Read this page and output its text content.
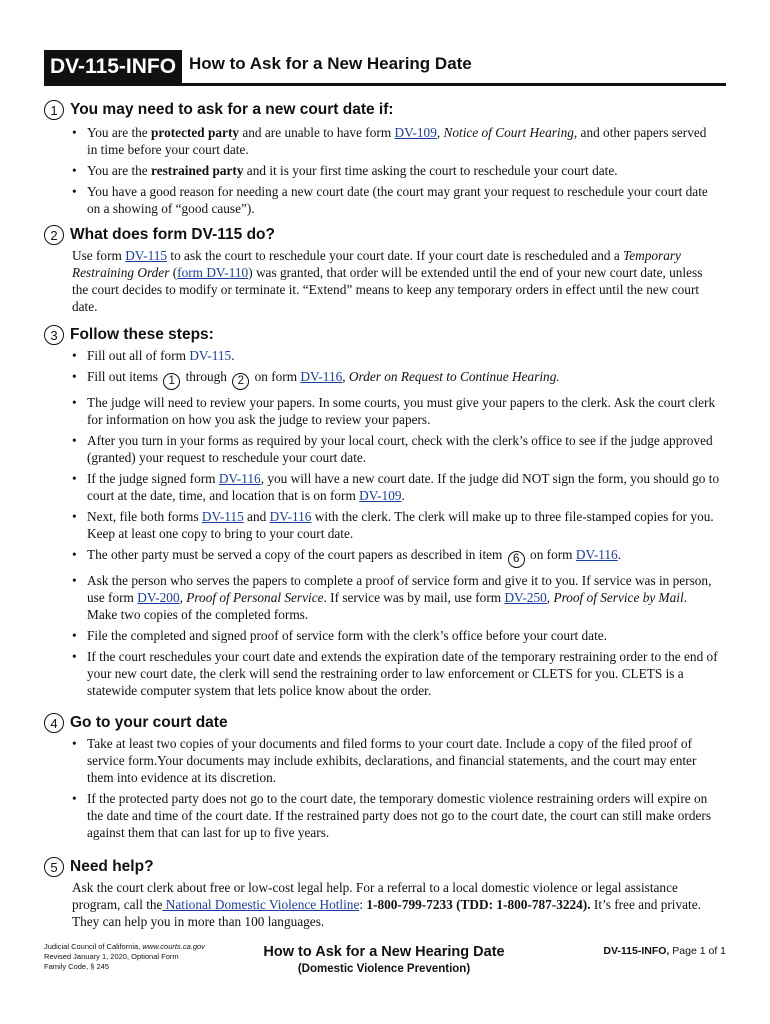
DV-115-INFO How to Ask for a New Hearing Date
1 You may need to ask for a new court date if:
• You are the protected party and are unable to have form DV-109, Notice of Court Hearing, and other papers served in time before your court date.
• You are the restrained party and it is your first time asking the court to reschedule your court date.
• You have a good reason for needing a new court date (the court may grant your request to reschedule your court date on a showing of “good cause”).
2 What does form DV-115 do?

Use form DV-115 to ask the court to reschedule your court date. If your court date is rescheduled and a Temporary Restraining Order (form DV-110) was granted, that order will be extended until the end of your new court date, unless the court decides to modify or terminate it. “Extend” means to keep any temporary orders in effect until the new court date.

3 Follow these steps:
• Fill out all of form DV-115.
• Fill out items 1 through 2 on form DV-116, Order on Request to Continue Hearing.
• The judge will need to review your papers. In some courts, you must give your papers to the clerk. Ask the court clerk for information on how you ask the judge to review your papers.
• After you turn in your forms as required by your local court, check with the clerk’s office to see if the judge approved (granted) your request to reschedule your court date.
• If the judge signed form DV-116, you will have a new court date. If the judge did NOT sign the form, you should go to court at the date, time, and location that is on form DV-109.
• Next, file both forms DV-115 and DV-116 with the clerk. The clerk will make up to three file-stamped copies for you. Keep at least one copy to bring to your court date.
• The other party must be served a copy of the court papers as described in item 6 on form DV-116.
• Ask the person who serves the papers to complete a proof of service form and give it to you. If service was in person, use form DV-200, Proof of Personal Service. If service was by mail, use form DV-250, Proof of Service by Mail. Make two copies of the completed forms.
• File the completed and signed proof of service form with the clerk’s office before your court date.
• If the court reschedules your court date and extends the expiration date of the temporary restraining order to the end of your new court date, the clerk will send the restraining order to law enforcement or CLETS for you. CLETS is a statewide computer system that lets police know about the order.
4 Go to your court date
• Take at least two copies of your documents and filed forms to your court date. Include a copy of the filed proof of service form.Your documents may include exhibits, declarations, and financial statements, and the court may enter them into evidence at its discretion.
• If the protected party does not go to the court date, the temporary domestic violence restraining orders will expire on the date and time of the court date. If the restrained party does not go to the court date, the court can still make orders against them that can last for up to five years.
5 Need help?

Ask the court clerk about free or low-cost legal help. For a referral to a local domestic violence or legal assistance program, call the National Domestic Violence Hotline: 1-800-799-7233 (TDD: 1-800-787-3224). It’s free and private. They can help you in more than 100 languages.

Judicial Council of California, www.courts.ca.gov
Revised January 1, 2020, Optional Form
Family Code, § 245
How to Ask for a New Hearing Date
(Domestic Violence Prevention)
DV-115-INFO, Page 1 of 1
